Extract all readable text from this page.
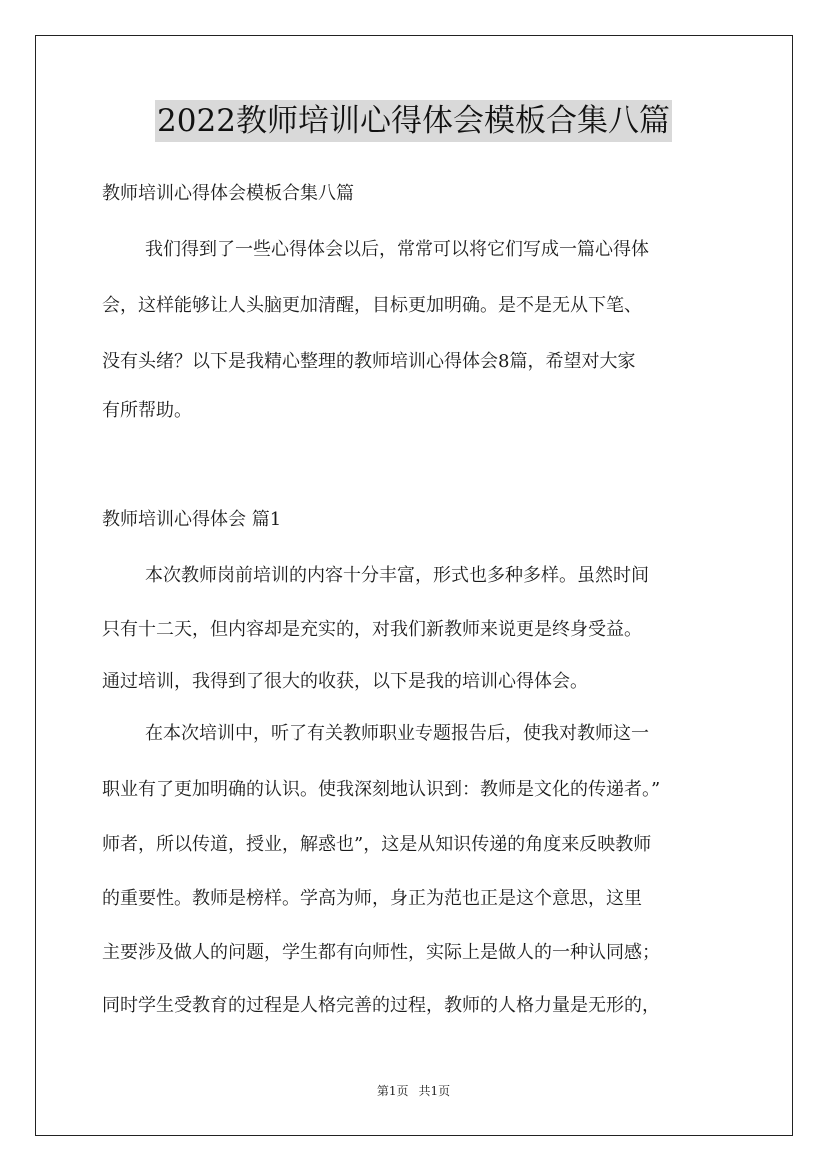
2022教师培训心得体会模板合集八篇
教师培训心得体会模板合集八篇
我们得到了一些心得体会以后，常常可以将它们写成一篇心得体
会，这样能够让人头脑更加清醒，目标更加明确。是不是无从下笔、
没有头绪？以下是我精心整理的教师培训心得体会8篇，希望对大家
有所帮助。
教师培训心得体会 篇1
本次教师岗前培训的内容十分丰富，形式也多种多样。虽然时间
只有十二天，但内容却是充实的，对我们新教师来说更是终身受益。
通过培训，我得到了很大的收获，以下是我的培训心得体会。
在本次培训中，听了有关教师职业专题报告后，使我对教师这一
职业有了更加明确的认识。使我深刻地认识到：教师是文化的传递者。”
师者，所以传道，授业，解惑也”，这是从知识传递的角度来反映教师
的重要性。教师是榜样。学高为师，身正为范也正是这个意思，这里
主要涉及做人的问题，学生都有向师性，实际上是做人的一种认同感；
同时学生受教育的过程是人格完善的过程，教师的人格力量是无形的，
第1页 共1页
